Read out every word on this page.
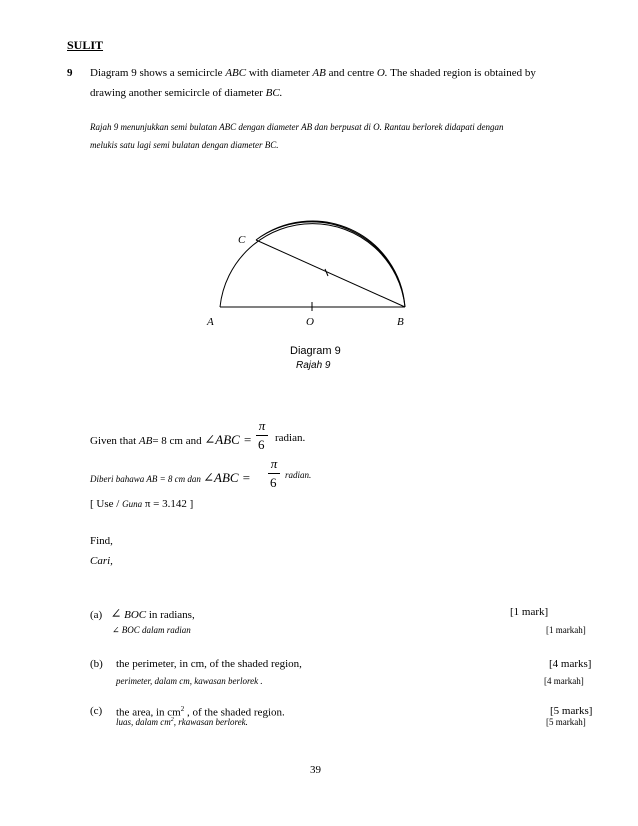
SULIT
9 Diagram 9 shows a semicircle ABC with diameter AB and centre O. The shaded region is obtained by
drawing another semicircle of diameter BC.
Rajah 9 menunjukkan semi bulatan ABC dengan diameter AB dan berpusat di O. Rantau berlorek didapati dengan
melukis satu lagi semi bulatan dengan diameter BC.
C
A	O	B
Diagram 9
Rajah 9
Given that AB= 8 cm and ∠ABC =
π
6 radian.
Diberi bahawa AB = 8 cm dan ∠ABC =
π
6 radian.
[ Use / Guna π = 3.142 ]
Find,
Cari,
(a) ∠ BOC in radians,	[1 mark]
∠ BOC dalam radian	[1 markah]
(b) the perimeter, in cm, of the shaded region,	[4 marks]
perimeter, dalam cm, kawasan berlorek .	[4 markah]
(c) the area, in $cm^2$ , of the shaded region.	[5 marks]
luas, dalam $cm^2$, rkawasan berlorek.	[5 markah]
39
